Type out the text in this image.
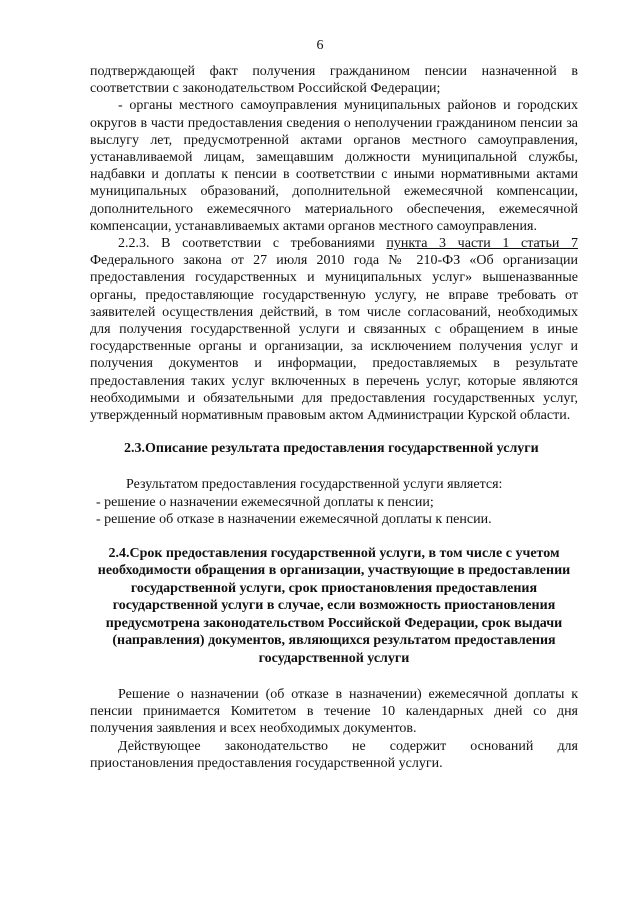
6

подтверждающей факт получения гражданином пенсии назначенной в соответствии с законодательством Российской Федерации;

- органы местного самоуправления муниципальных районов и городских округов в части предоставления сведения о неполучении гражданином пенсии за выслугу лет, предусмотренной актами органов местного самоуправления, устанавливаемой лицам, замещавшим должности муниципальной службы, надбавки и доплаты к пенсии в соответствии с иными нормативными актами муниципальных образований, дополнительной ежемесячной компенсации, дополнительного ежемесячного материального обеспечения, ежемесячной компенсации, устанавливаемых актами органов местного самоуправления.

2.2.3. В соответствии с требованиями пункта 3 части 1 статьи 7 Федерального закона от 27 июля 2010 года № 210-ФЗ «Об организации предоставления государственных и муниципальных услуг» вышеназванные органы, предоставляющие государственную услугу, не вправе требовать от заявителей осуществления действий, в том числе согласований, необходимых для получения государственной услуги и связанных с обращением в иные государственные органы и организации, за исключением получения услуг и получения документов и информации, предоставляемых в результате предоставления таких услуг включенных в перечень услуг, которые являются необходимыми и обязательными для предоставления государственных услуг, утвержденный нормативным правовым актом Администрации Курской области.

2.3.Описание результата предоставления государственной услуги

Результатом предоставления государственной услуги является:

- решение о назначении ежемесячной доплаты к пенсии;

- решение об отказе в назначении ежемесячной доплаты к пенсии.

2.4.Срок предоставления государственной услуги, в том числе с учетом необходимости обращения в организации, участвующие в предоставлении государственной услуги, срок приостановления предоставления государственной услуги в случае, если возможность приостановления предусмотрена законодательством Российской Федерации, срок выдачи (направления) документов, являющихся результатом предоставления государственной услуги

Решение о назначении (об отказе в назначении) ежемесячной доплаты к пенсии принимается Комитетом в течение 10 календарных дней со дня получения заявления и всех необходимых документов.

Действующее законодательство не содержит оснований для приостановления предоставления государственной услуги.
